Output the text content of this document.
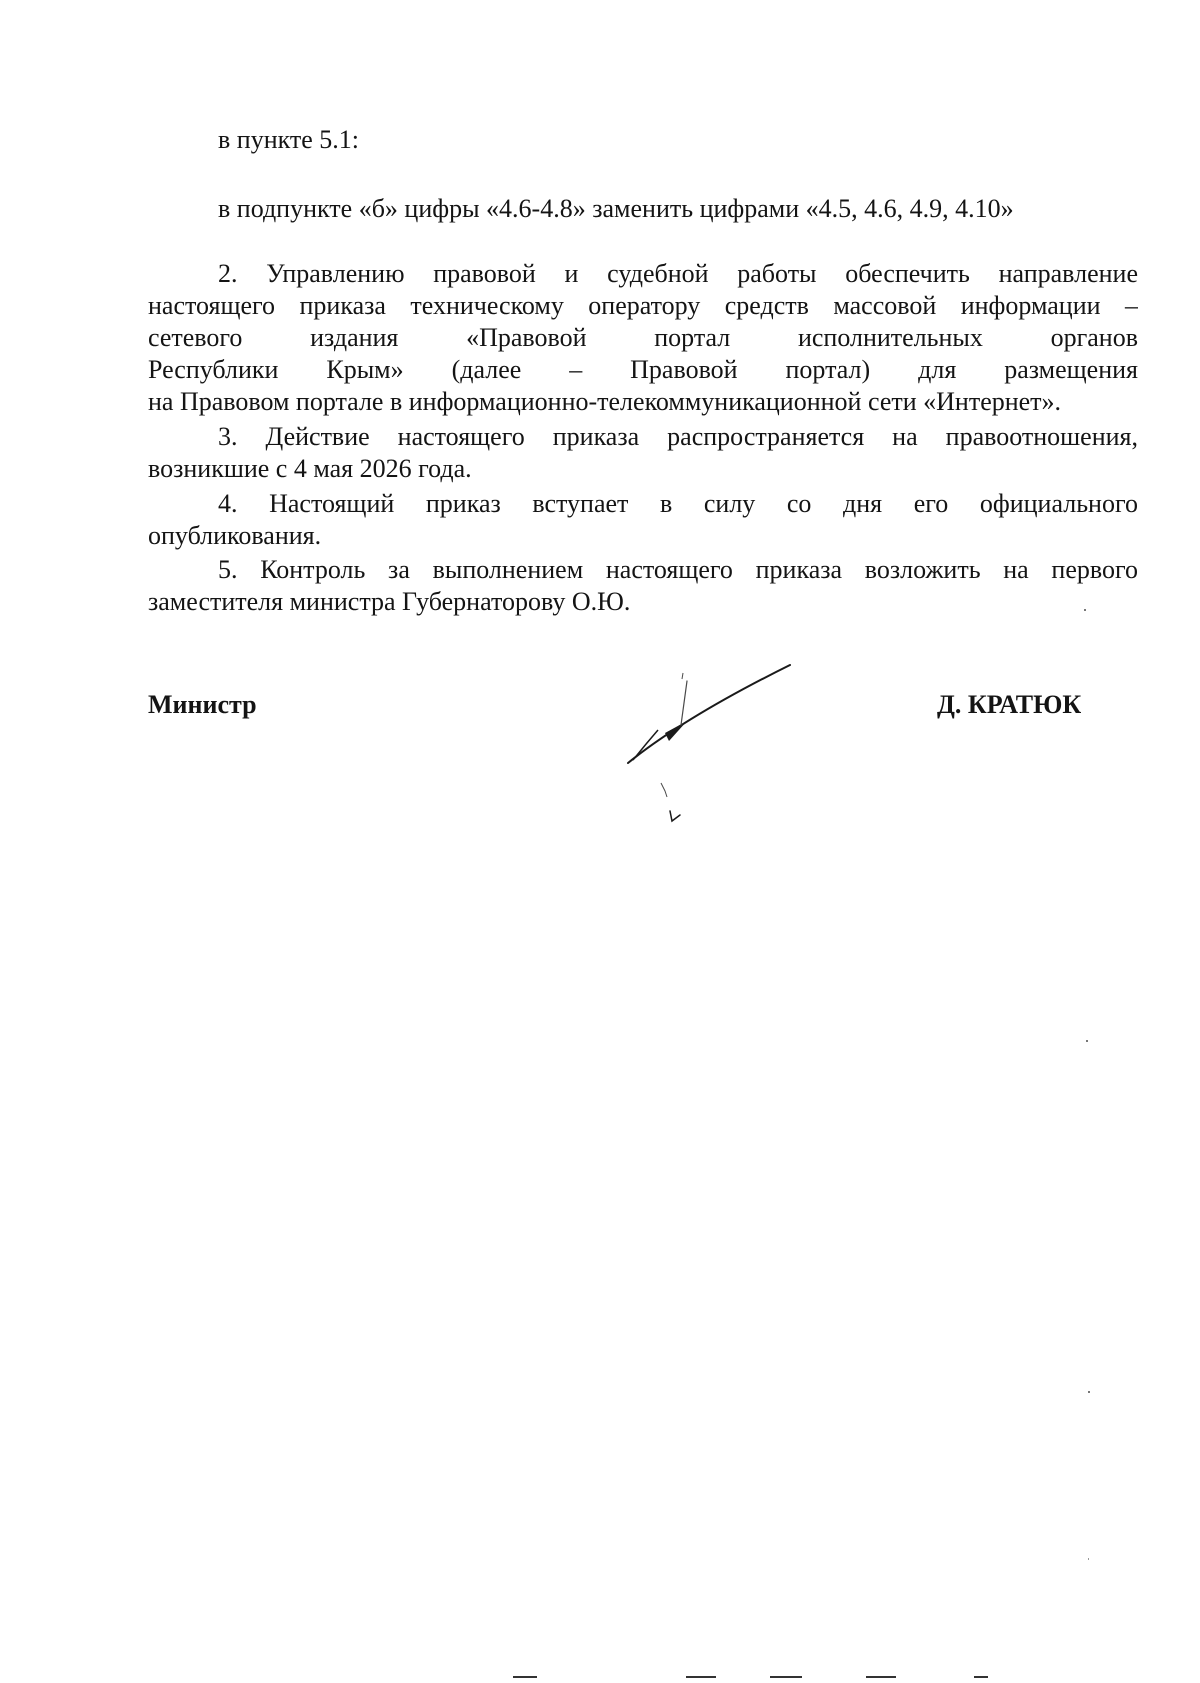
в пункте 5.1:
в подпункте «б» цифры «4.6-4.8» заменить цифрами «4.5, 4.6, 4.9, 4.10»
2. Управлению правовой и судебной работы обеспечить направление
настоящего приказа техническому оператору средств массовой информации –
сетевого издания «Правовой портал исполнительных органов
Республики Крым» (далее – Правовой портал) для размещения
на Правовом портале в информационно-телекоммуникационной сети «Интернет».
3. Действие настоящего приказа распространяется на правоотношения,
возникшие с 4 мая 2026 года.
4. Настоящий приказ вступает в силу со дня его официального
опубликования.
5. Контроль за выполнением настоящего приказа возложить на первого
заместителя министра Губернаторову О.Ю.
Министр	Д. КРАТЮК
